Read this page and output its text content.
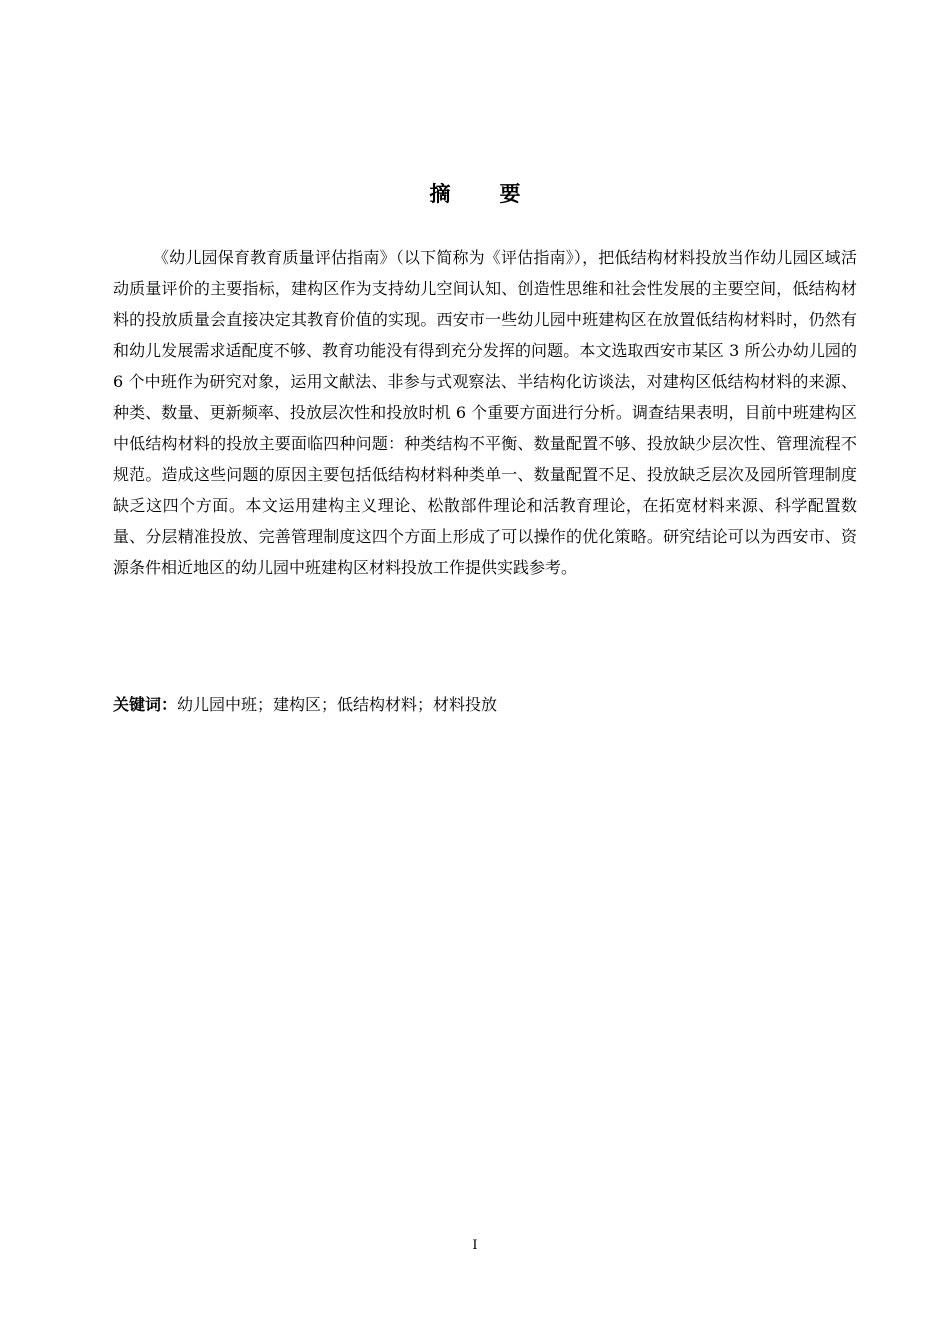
摘　要

《幼儿园保育教育质量评估指南》（以下简称为《评估指南》），把低结构材料投放当作幼儿园区域活动质量评价的主要指标，建构区作为支持幼儿空间认知、创造性思维和社会性发展的主要空间，低结构材料的投放质量会直接决定其教育价值的实现。西安市一些幼儿园中班建构区在放置低结构材料时，仍然有和幼儿发展需求适配度不够、教育功能没有得到充分发挥的问题。本文选取西安市某区 3 所公办幼儿园的 6 个中班作为研究对象，运用文献法、非参与式观察法、半结构化访谈法，对建构区低结构材料的来源、种类、数量、更新频率、投放层次性和投放时机 6 个重要方面进行分析。调查结果表明，目前中班建构区中低结构材料的投放主要面临四种问题：种类结构不平衡、数量配置不够、投放缺少层次性、管理流程不规范。造成这些问题的原因主要包括低结构材料种类单一、数量配置不足、投放缺乏层次及园所管理制度缺乏这四个方面。本文运用建构主义理论、松散部件理论和活教育理论，在拓宽材料来源、科学配置数量、分层精准投放、完善管理制度这四个方面上形成了可以操作的优化策略。研究结论可以为西安市、资源条件相近地区的幼儿园中班建构区材料投放工作提供实践参考。

关键词：幼儿园中班；建构区；低结构材料；材料投放

I
